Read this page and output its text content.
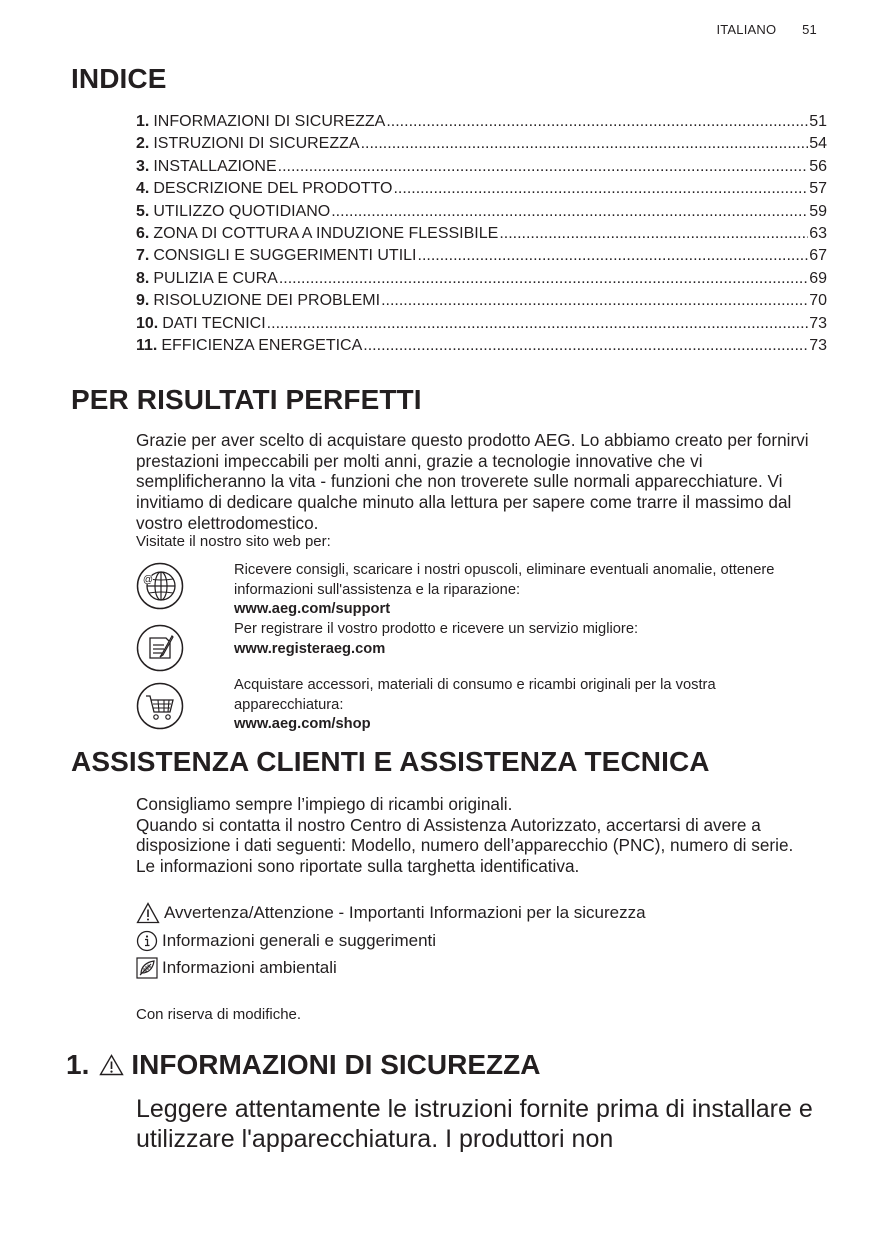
ITALIANO 51
INDICE
1. INFORMAZIONI DI SICUREZZA .....	51
2. ISTRUZIONI DI SICUREZZA .....	54
3. INSTALLAZIONE .....	56
4. DESCRIZIONE DEL PRODOTTO .....	57
5. UTILIZZO QUOTIDIANO .....	59
6. ZONA DI COTTURA A INDUZIONE FLESSIBILE .....	63
7. CONSIGLI E SUGGERIMENTI UTILI .....	67
8. PULIZIA E CURA .....	69
9. RISOLUZIONE DEI PROBLEMI .....	70
10. DATI TECNICI .....	73
11. EFFICIENZA ENERGETICA .....	73
PER RISULTATI PERFETTI

Grazie per aver scelto di acquistare questo prodotto AEG. Lo abbiamo creato per fornirvi prestazioni impeccabili per molti anni, grazie a tecnologie innovative che vi semplificheranno la vita - funzioni che non troverete sulle normali apparecchiature. Vi invitiamo di dedicare qualche minuto alla lettura per sapere come trarre il massimo dal vostro elettrodomestico.

Visitate il nostro sito web per:
@
Ricevere consigli, scaricare i nostri opuscoli, eliminare eventuali anomalie, ottenere informazioni sull'assistenza e la riparazione:
www.aeg.com/support
Per registrare il vostro prodotto e ricevere un servizio migliore:
www.registeraeg.com
Acquistare accessori, materiali di consumo e ricambi originali per la vostra apparecchiatura:
www.aeg.com/shop
ASSISTENZA CLIENTI E ASSISTENZA TECNICA
Consigliamo sempre l’impiego di ricambi originali.
Quando si contatta il nostro Centro di Assistenza Autorizzato, accertarsi di avere a disposizione i dati seguenti: Modello, numero dell’apparecchio (PNC), numero di serie.
Le informazioni sono riportate sulla targhetta identificativa.
Avvertenza/Attenzione - Importanti Informazioni per la sicurezza
Informazioni generali e suggerimenti
Informazioni ambientali
Con riserva di modifiche.
1. INFORMAZIONI DI SICUREZZA

Leggere attentamente le istruzioni fornite prima di installare e utilizzare l'apparecchiatura. I produttori non
